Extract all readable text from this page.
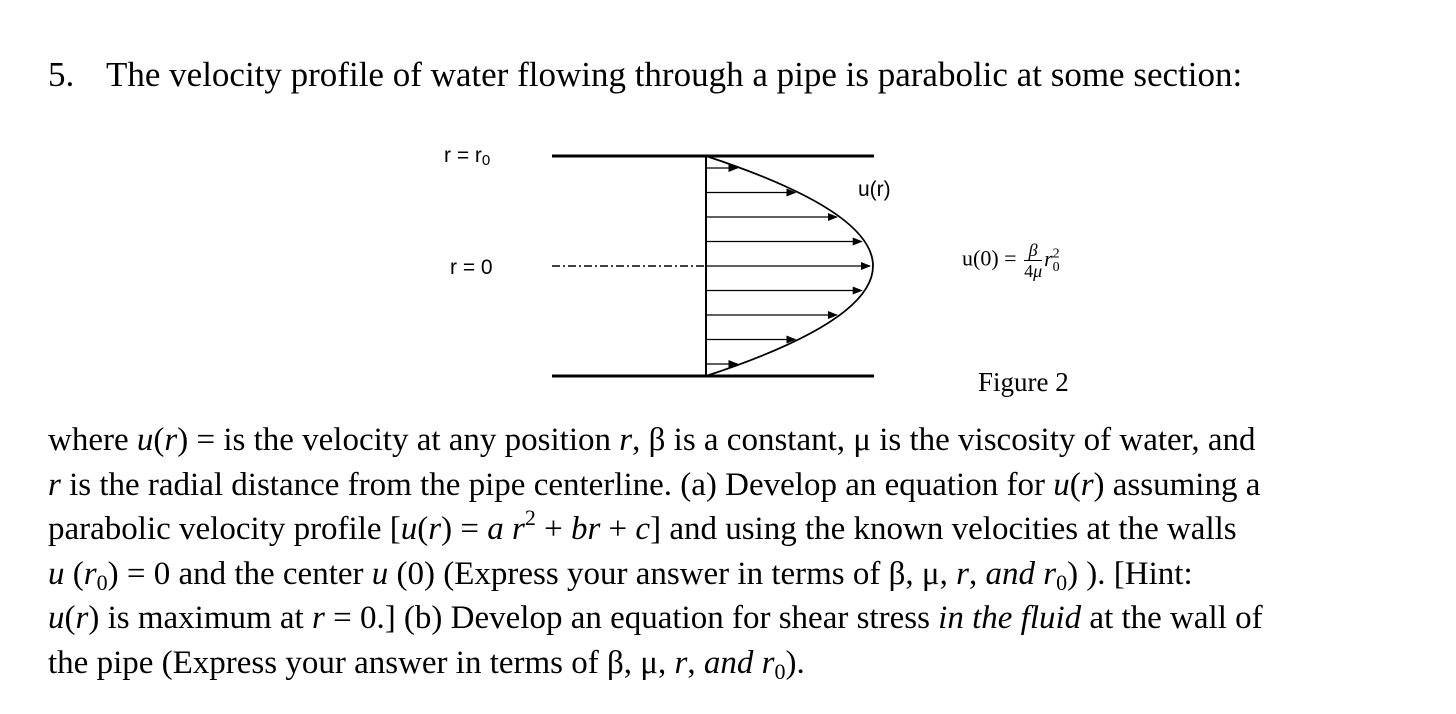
5. The velocity profile of water flowing through a pipe is parabolic at some section:
$r = r_0$
r = 0
u(r)
$u(0) = \frac{\beta}{4\mu} r^2_0$
Figure 2

where u(r) = is the velocity at any position r, β is a constant, μ is the viscosity of water, and

r is the radial distance from the pipe centerline. (a) Develop an equation for u(r) assuming a

parabolic velocity profile [u(r) = a $r^2$ + br + c] and using the known velocities at the walls

u $(r_0) = 0$ and the center u (0) (Express your answer in terms of β, μ, r, and $r_0$) ). [Hint:

u(r) is maximum at r = 0.] (b) Develop an equation for shear stress in the fluid at the wall of

the pipe (Express your answer in terms of β, μ, r, and $r_0$).
